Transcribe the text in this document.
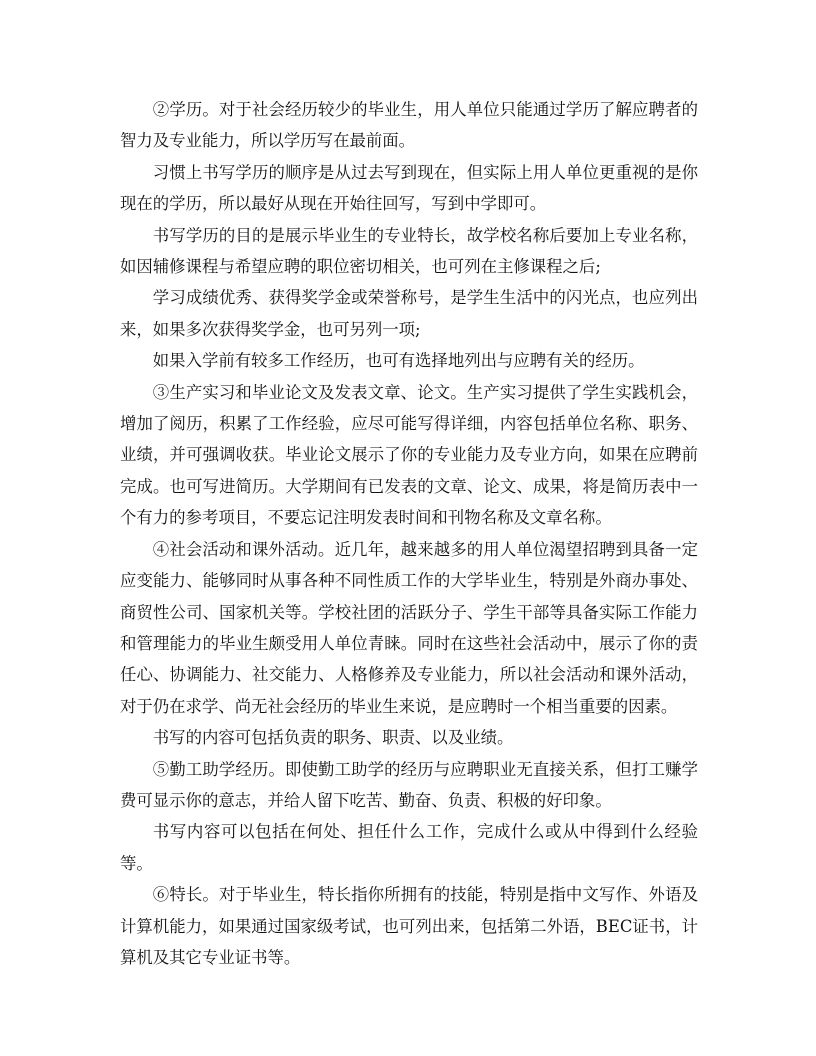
②学历。对于社会经历较少的毕业生，用人单位只能通过学历了解应聘者的智力及专业能力，所以学历写在最前面。

习惯上书写学历的顺序是从过去写到现在，但实际上用人单位更重视的是你现在的学历，所以最好从现在开始往回写，写到中学即可。

书写学历的目的是展示毕业生的专业特长，故学校名称后要加上专业名称，如因辅修课程与希望应聘的职位密切相关，也可列在主修课程之后;

学习成绩优秀、获得奖学金或荣誉称号，是学生生活中的闪光点，也应列出来，如果多次获得奖学金，也可另列一项;

如果入学前有较多工作经历，也可有选择地列出与应聘有关的经历。

③生产实习和毕业论文及发表文章、论文。生产实习提供了学生实践机会，增加了阅历，积累了工作经验，应尽可能写得详细，内容包括单位名称、职务、业绩，并可强调收获。毕业论文展示了你的专业能力及专业方向，如果在应聘前完成。也可写进简历。大学期间有已发表的文章、论文、成果，将是简历表中一个有力的参考项目，不要忘记注明发表时间和刊物名称及文章名称。

④社会活动和课外活动。近几年，越来越多的用人单位渴望招聘到具备一定应变能力、能够同时从事各种不同性质工作的大学毕业生，特别是外商办事处、商贸性公司、国家机关等。学校社团的活跃分子、学生干部等具备实际工作能力和管理能力的毕业生颇受用人单位青睐。同时在这些社会活动中，展示了你的责任心、协调能力、社交能力、人格修养及专业能力，所以社会活动和课外活动，对于仍在求学、尚无社会经历的毕业生来说，是应聘时一个相当重要的因素。

书写的内容可包括负责的职务、职责、以及业绩。

⑤勤工助学经历。即使勤工助学的经历与应聘职业无直接关系，但打工赚学费可显示你的意志，并给人留下吃苦、勤奋、负责、积极的好印象。

书写内容可以包括在何处、担任什么工作，完成什么或从中得到什么经验等。

⑥特长。对于毕业生，特长指你所拥有的技能，特别是指中文写作、外语及计算机能力，如果通过国家级考试，也可列出来，包括第二外语，BEC证书，计算机及其它专业证书等。
